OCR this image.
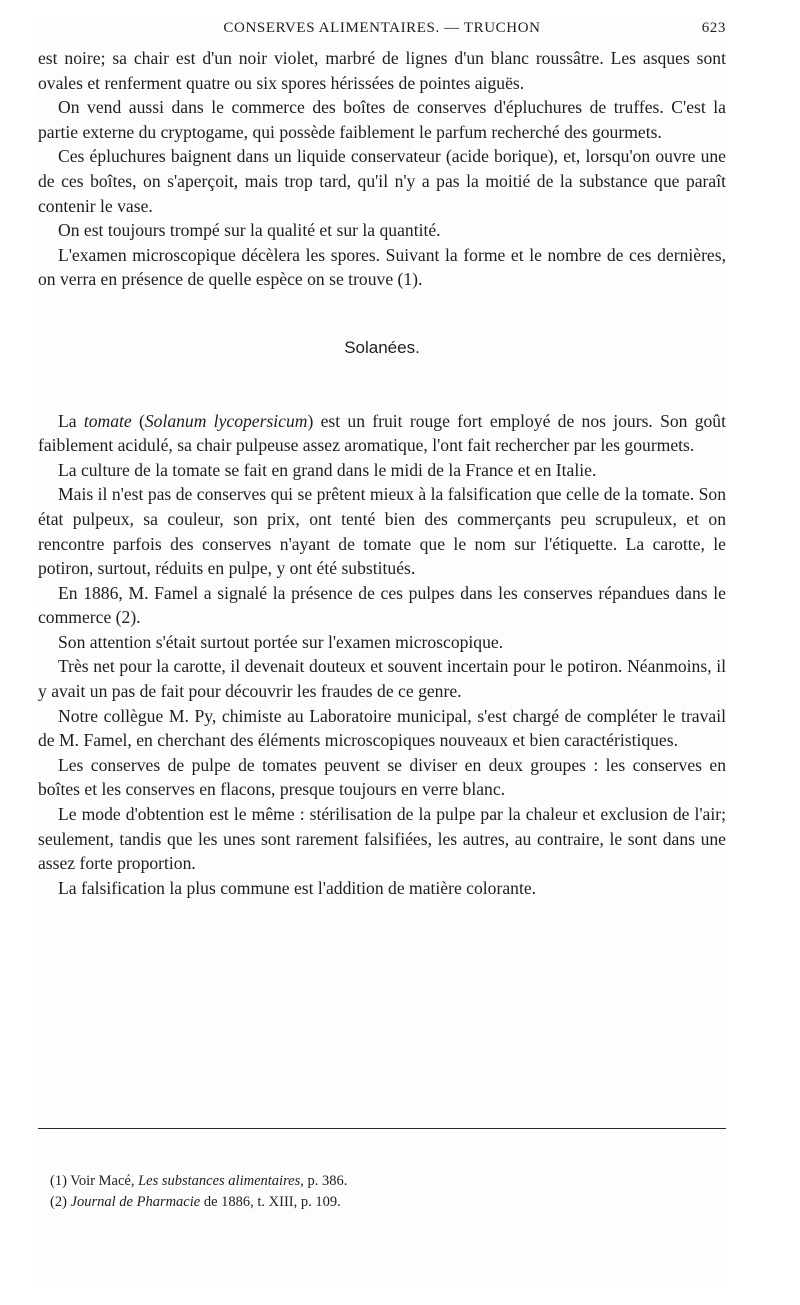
CONSERVES ALIMENTAIRES. — TRUCHON	623

est noire; sa chair est d'un noir violet, marbré de lignes d'un blanc roussâtre. Les asques sont ovales et renferment quatre ou six spores hérissées de pointes aiguës.

On vend aussi dans le commerce des boîtes de conserves d'épluchures de truffes. C'est la partie externe du cryptogame, qui possède faiblement le parfum recherché des gourmets.

Ces épluchures baignent dans un liquide conservateur (acide borique), et, lorsqu'on ouvre une de ces boîtes, on s'aperçoit, mais trop tard, qu'il n'y a pas la moitié de la substance que paraît contenir le vase.

On est toujours trompé sur la qualité et sur la quantité.

L'examen microscopique décèlera les spores. Suivant la forme et le nombre de ces dernières, on verra en présence de quelle espèce on se trouve (1).

Solanées.

La tomate (Solanum lycopersicum) est un fruit rouge fort employé de nos jours. Son goût faiblement acidulé, sa chair pulpeuse assez aromatique, l'ont fait rechercher par les gourmets.

La culture de la tomate se fait en grand dans le midi de la France et en Italie.

Mais il n'est pas de conserves qui se prêtent mieux à la falsification que celle de la tomate. Son état pulpeux, sa couleur, son prix, ont tenté bien des commerçants peu scrupuleux, et on rencontre parfois des conserves n'ayant de tomate que le nom sur l'étiquette. La carotte, le potiron, surtout, réduits en pulpe, y ont été substitués.

En 1886, M. Famel a signalé la présence de ces pulpes dans les conserves répandues dans le commerce (2).

Son attention s'était surtout portée sur l'examen microscopique.

Très net pour la carotte, il devenait douteux et souvent incertain pour le potiron. Néanmoins, il y avait un pas de fait pour découvrir les fraudes de ce genre.

Notre collègue M. Py, chimiste au Laboratoire municipal, s'est chargé de compléter le travail de M. Famel, en cherchant des éléments microscopiques nouveaux et bien caractéristiques.

Les conserves de pulpe de tomates peuvent se diviser en deux groupes : les conserves en boîtes et les conserves en flacons, presque toujours en verre blanc.

Le mode d'obtention est le même : stérilisation de la pulpe par la chaleur et exclusion de l'air; seulement, tandis que les unes sont rarement falsifiées, les autres, au contraire, le sont dans une assez forte proportion.

La falsification la plus commune est l'addition de matière colorante.

(1) Voir Macé, Les substances alimentaires, p. 386.

(2) Journal de Pharmacie de 1886, t. XIII, p. 109.
